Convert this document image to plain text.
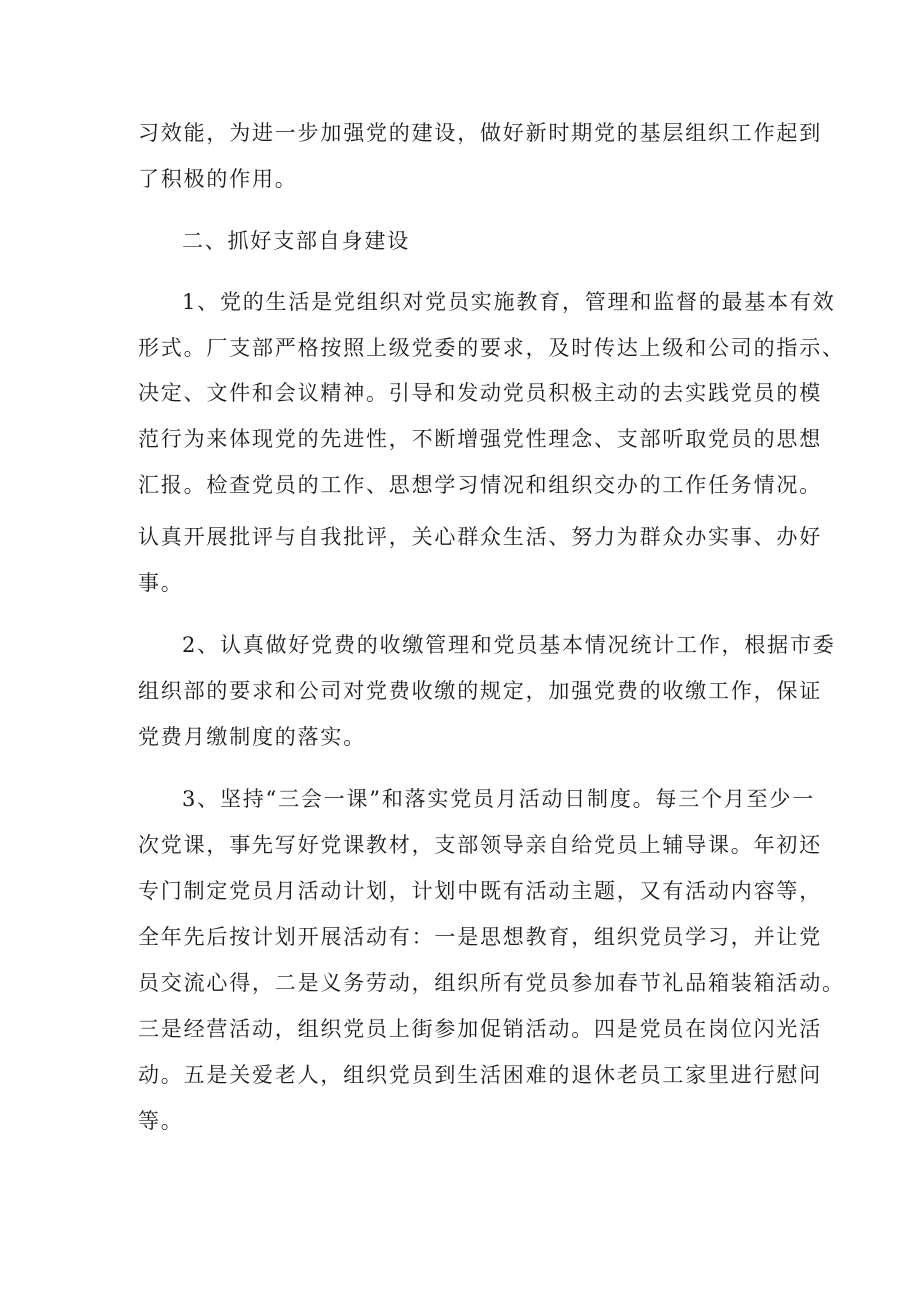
习效能，为进一步加强党的建设，做好新时期党的基层组织工作起到
了积极的作用。
二、抓好支部自身建设
1、党的生活是党组织对党员实施教育，管理和监督的最基本有效
形式。厂支部严格按照上级党委的要求，及时传达上级和公司的指示、
决定、文件和会议精神。引导和发动党员积极主动的去实践党员的模
范行为来体现党的先进性，不断增强党性理念、支部听取党员的思想
汇报。检查党员的工作、思想学习情况和组织交办的工作任务情况。
认真开展批评与自我批评，关心群众生活、努力为群众办实事、办好
事。
2、认真做好党费的收缴管理和党员基本情况统计工作，根据市委
组织部的要求和公司对党费收缴的规定，加强党费的收缴工作，保证
党费月缴制度的落实。
3、坚持“三会一课”和落实党员月活动日制度。每三个月至少一
次党课，事先写好党课教材，支部领导亲自给党员上辅导课。年初还
专门制定党员月活动计划，计划中既有活动主题，又有活动内容等，
全年先后按计划开展活动有：一是思想教育，组织党员学习，并让党
员交流心得，二是义务劳动，组织所有党员参加春节礼品箱装箱活动。
三是经营活动，组织党员上街参加促销活动。四是党员在岗位闪光活
动。五是关爱老人，组织党员到生活困难的退休老员工家里进行慰问
等。
